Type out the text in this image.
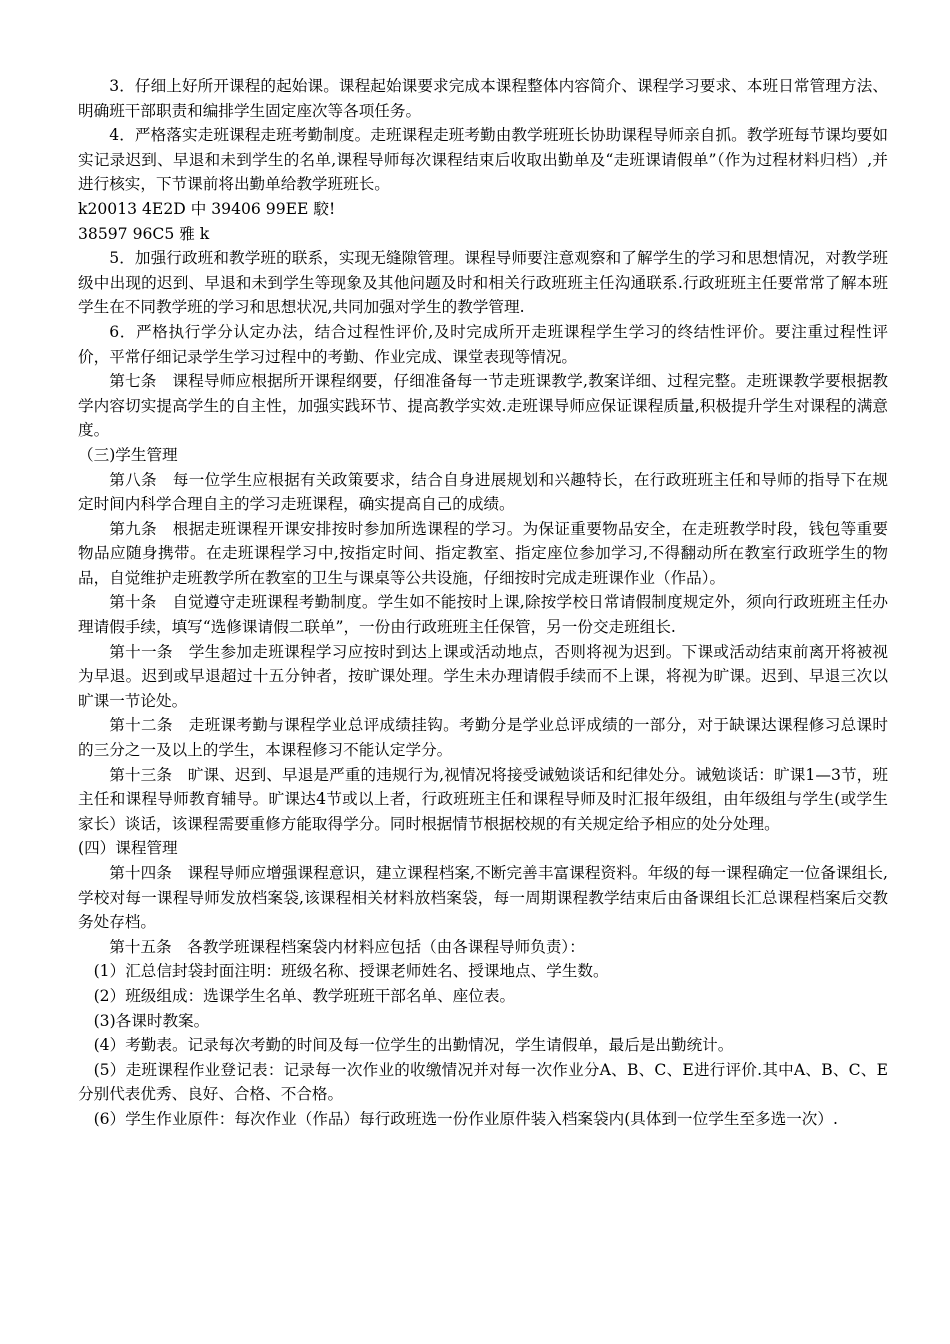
3．仔细上好所开课程的起始课。课程起始课要求完成本课程整体内容简介、课程学习要求、本班日常管理方法、明确班干部职责和编排学生固定座次等各项任务。

4．严格落实走班课程走班考勤制度。走班课程走班考勤由教学班班长协助课程导师亲自抓。教学班每节课均要如实记录迟到、早退和未到学生的名单,课程导师每次课程结束后收取出勤单及“走班课请假单”（作为过程材料归档）,并进行核实，下节课前将出勤单给教学班班长。

k20013 4E2D 中 39406 99EE 駮!

38597 96C5 雅 k

5．加强行政班和教学班的联系，实现无缝隙管理。课程导师要注意观察和了解学生的学习和思想情况，对教学班级中出现的迟到、早退和未到学生等现象及其他问题及时和相关行政班班主任沟通联系.行政班班主任要常常了解本班学生在不同教学班的学习和思想状况,共同加强对学生的教学管理.

6．严格执行学分认定办法，结合过程性评价,及时完成所开走班课程学生学习的终结性评价。要注重过程性评价，平常仔细记录学生学习过程中的考勤、作业完成、课堂表现等情况。

第七条　课程导师应根据所开课程纲要，仔细准备每一节走班课教学,教案详细、过程完整。走班课教学要根据教学内容切实提高学生的自主性，加强实践环节、提高教学实效.走班课导师应保证课程质量,积极提升学生对课程的满意度。

（三)学生管理

第八条　每一位学生应根据有关政策要求，结合自身进展规划和兴趣特长，在行政班班主任和导师的指导下在规定时间内科学合理自主的学习走班课程，确实提高自己的成绩。

第九条　根据走班课程开课安排按时参加所选课程的学习。为保证重要物品安全，在走班教学时段，钱包等重要物品应随身携带。在走班课程学习中,按指定时间、指定教室、指定座位参加学习,不得翻动所在教室行政班学生的物品，自觉维护走班教学所在教室的卫生与课桌等公共设施，仔细按时完成走班课作业（作品）。

第十条　自觉遵守走班课程考勤制度。学生如不能按时上课,除按学校日常请假制度规定外，须向行政班班主任办理请假手续，填写“选修课请假二联单”，一份由行政班班主任保管，另一份交走班组长.

第十一条　学生参加走班课程学习应按时到达上课或活动地点，否则将视为迟到。下课或活动结束前离开将被视为早退。迟到或早退超过十五分钟者，按旷课处理。学生未办理请假手续而不上课，将视为旷课。迟到、早退三次以旷课一节论处。

第十二条　走班课考勤与课程学业总评成绩挂钩。考勤分是学业总评成绩的一部分，对于缺课达课程修习总课时的三分之一及以上的学生，本课程修习不能认定学分。

第十三条　旷课、迟到、早退是严重的违规行为,视情况将接受诫勉谈话和纪律处分。诫勉谈话：旷课1—3节，班主任和课程导师教育辅导。旷课达4节或以上者，行政班班主任和课程导师及时汇报年级组，由年级组与学生(或学生家长）谈话，该课程需要重修方能取得学分。同时根据情节根据校规的有关规定给予相应的处分处理。

(四）课程管理

第十四条　课程导师应增强课程意识，建立课程档案,不断完善丰富课程资料。年级的每一课程确定一位备课组长,学校对每一课程导师发放档案袋,该课程相关材料放档案袋，每一周期课程教学结束后由备课组长汇总课程档案后交教务处存档。

第十五条　各教学班课程档案袋内材料应包括（由各课程导师负责）：

(1）汇总信封袋封面注明：班级名称、授课老师姓名、授课地点、学生数。

(2）班级组成：选课学生名单、教学班班干部名单、座位表。

(3)各课时教案。

(4）考勤表。记录每次考勤的时间及每一位学生的出勤情况，学生请假单，最后是出勤统计。

(5）走班课程作业登记表：记录每一次作业的收缴情况并对每一次作业分A、B、C、E进行评价.其中A、B、C、E分别代表优秀、良好、合格、不合格。

(6）学生作业原件：每次作业（作品）每行政班选一份作业原件装入档案袋内(具体到一位学生至多选一次）.
